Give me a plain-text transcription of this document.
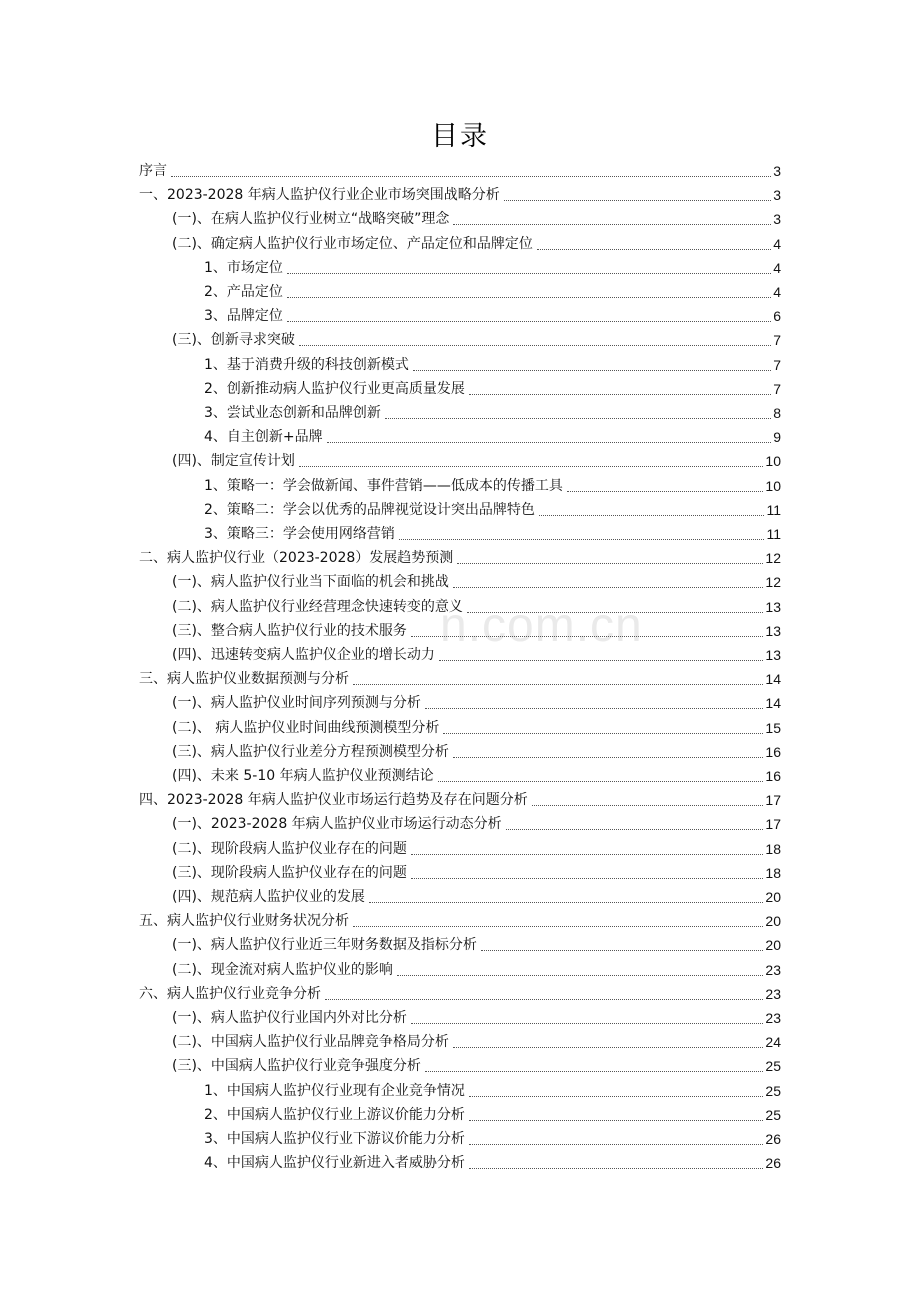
目录
n.com.cn
序言	3
一、2023-2028 年病人监护仪行业企业市场突围战略分析	3
(一)、在病人监护仪行业树立“战略突破”理念	3
(二)、确定病人监护仪行业市场定位、产品定位和品牌定位	4
1、市场定位	4
2、产品定位	4
3、品牌定位	6
(三)、创新寻求突破	7
1、基于消费升级的科技创新模式	7
2、创新推动病人监护仪行业更高质量发展	7
3、尝试业态创新和品牌创新	8
4、自主创新+品牌	9
(四)、制定宣传计划	10
1、策略一：学会做新闻、事件营销——低成本的传播工具	10
2、策略二：学会以优秀的品牌视觉设计突出品牌特色	11
3、策略三：学会使用网络营销	11
二、病人监护仪行业（2023-2028）发展趋势预测	12
(一)、病人监护仪行业当下面临的机会和挑战	12
(二)、病人监护仪行业经营理念快速转变的意义	13
(三)、整合病人监护仪行业的技术服务	13
(四)、迅速转变病人监护仪企业的增长动力	13
三、病人监护仪业数据预测与分析	14
(一)、病人监护仪业时间序列预测与分析	14
(二)、 病人监护仪业时间曲线预测模型分析	15
(三)、病人监护仪行业差分方程预测模型分析	16
(四)、未来 5-10 年病人监护仪业预测结论	16
四、2023-2028 年病人监护仪业市场运行趋势及存在问题分析	17
(一)、2023-2028 年病人监护仪业市场运行动态分析	17
(二)、现阶段病人监护仪业存在的问题	18
(三)、现阶段病人监护仪业存在的问题	18
(四)、规范病人监护仪业的发展	20
五、病人监护仪行业财务状况分析	20
(一)、病人监护仪行业近三年财务数据及指标分析	20
(二)、现金流对病人监护仪业的影响	23
六、病人监护仪行业竞争分析	23
(一)、病人监护仪行业国内外对比分析	23
(二)、中国病人监护仪行业品牌竞争格局分析	24
(三)、中国病人监护仪行业竞争强度分析	25
1、中国病人监护仪行业现有企业竞争情况	25
2、中国病人监护仪行业上游议价能力分析	25
3、中国病人监护仪行业下游议价能力分析	26
4、中国病人监护仪行业新进入者威胁分析	26
